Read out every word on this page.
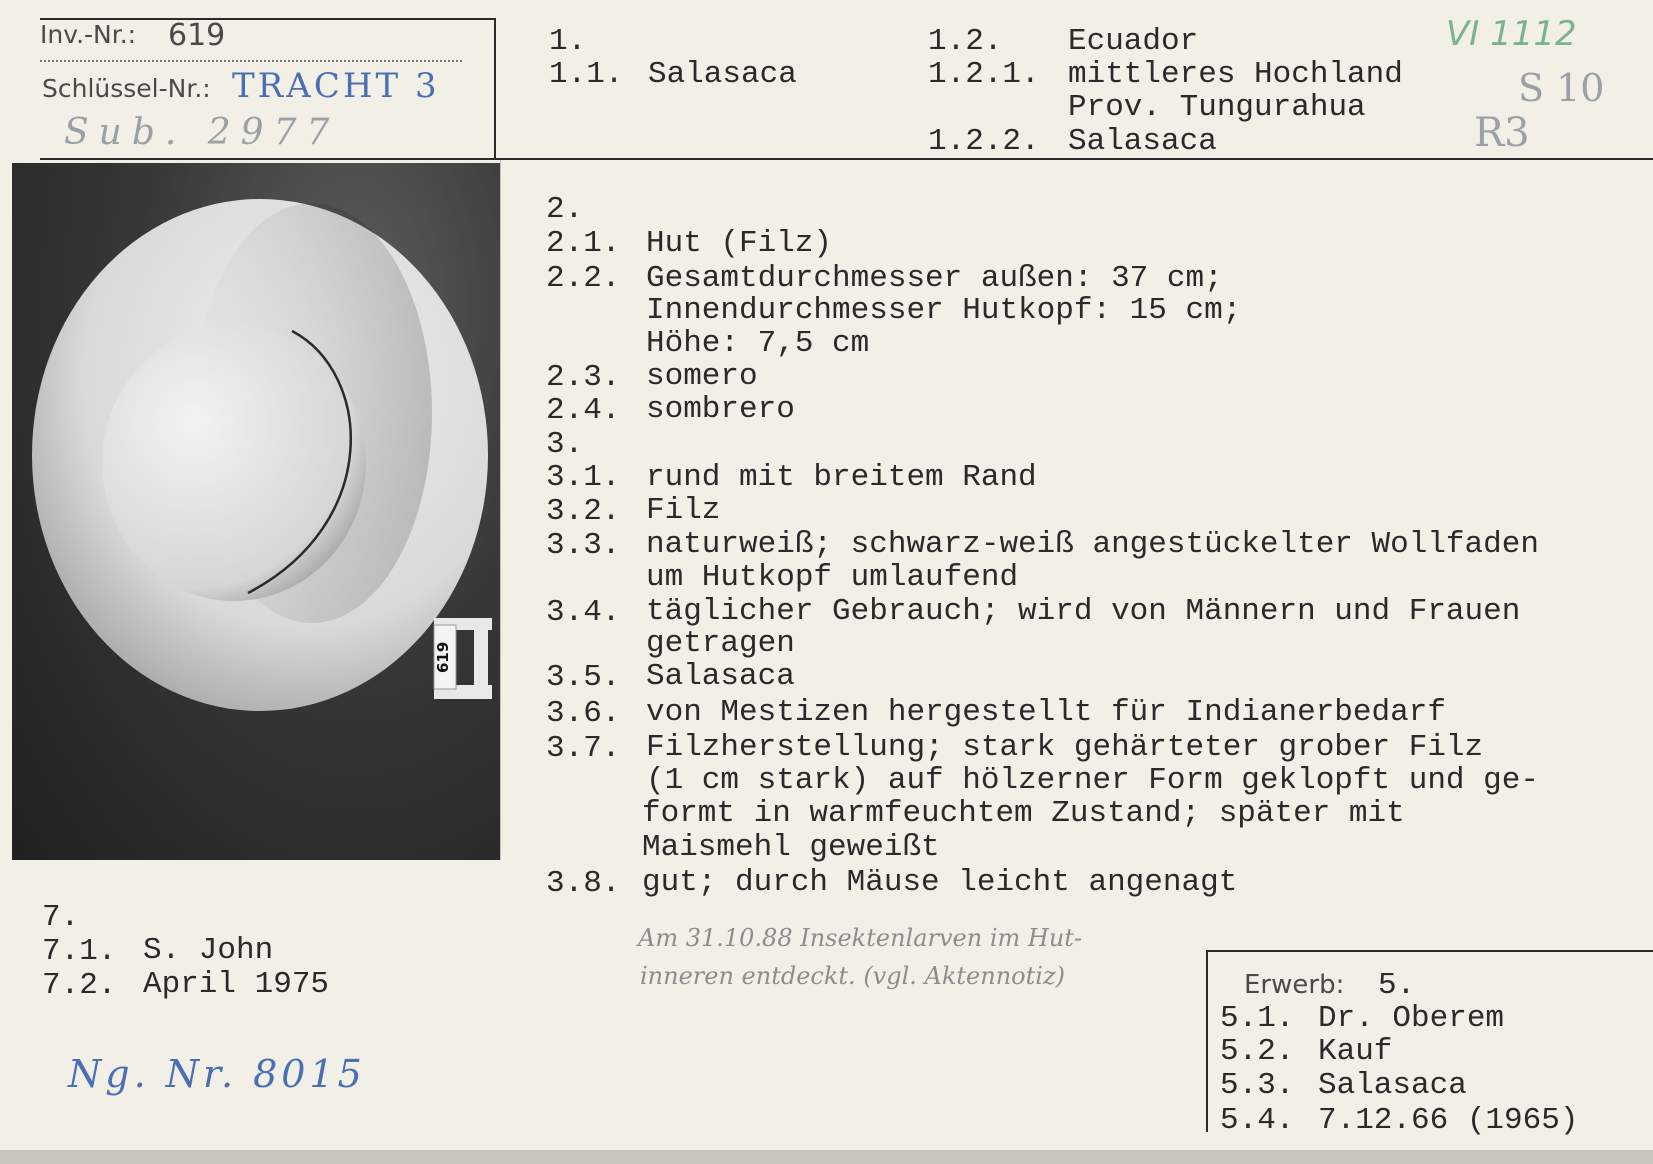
Inv.-Nr.: 619
Schlüssel-Nr.: TRACHT 3
Sub. 2977
1.
1.1. Salasaca
1.2. Ecuador
1.2.1. mittleres Hochland
Prov. Tungurahua
1.2.2. Salasaca
VI 1112
S 10
R3
619
2.
2.1. Hut (Filz)
2.2. Gesamtdurchmesser außen: 37 cm;
Innendurchmesser Hutkopf: 15 cm;
Höhe: 7,5 cm
2.3. somero
2.4. sombrero
3.
3.1. rund mit breitem Rand
3.2. Filz
3.3. naturweiß; schwarz-weiß angestückelter Wollfaden
um Hutkopf umlaufend
3.4. täglicher Gebrauch; wird von Männern und Frauen
getragen
3.5. Salasaca
3.6. von Mestizen hergestellt für Indianerbedarf
3.7. Filzherstellung; stark gehärteter grober Filz
(1 cm stark) auf hölzerner Form geklopft und ge-
formt in warmfeuchtem Zustand; später mit
Maismehl geweißt
3.8. gut; durch Mäuse leicht angenagt
Am 31.10.88 Insektenlarven im Hut-
inneren entdeckt. (vgl. Aktennotiz)
7.
7.1. S. John
7.2. April 1975
Ng. Nr. 8015
Erwerb: 5.
5.1. Dr. Oberem
5.2. Kauf
5.3. Salasaca
5.4. 7.12.66 (1965)
